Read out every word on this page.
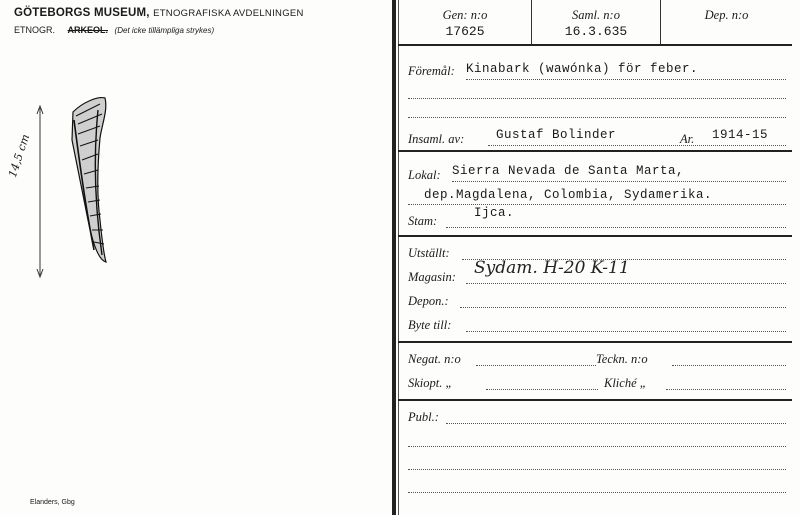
GÖTEBORGS MUSEUM, ETNOGRAFISKA AVDELNINGEN
ETNOGR. ARKEOL. (Det icke tillämpliga strykes)
14,5 cm
Elanders, Gbg
Gen: n:o
17625
Saml. n:o
16.3.635
Dep. n:o
Föremål: Kinabark (wawónka) för feber.
Insaml. av:	Gustaf Bolinder	Ar. 1914-15
Lokal: Sierra Nevada de Santa Marta,
dep.Magdalena, Colombia, Sydamerika.
Stam:
Ijca.
Utställt:
Magasin: Sydam. H-20 K-11
Depon.:
Byte till:
Negat. n:o	Teckn. n:o
Skiopt. „	Kliché „
Publ.:
